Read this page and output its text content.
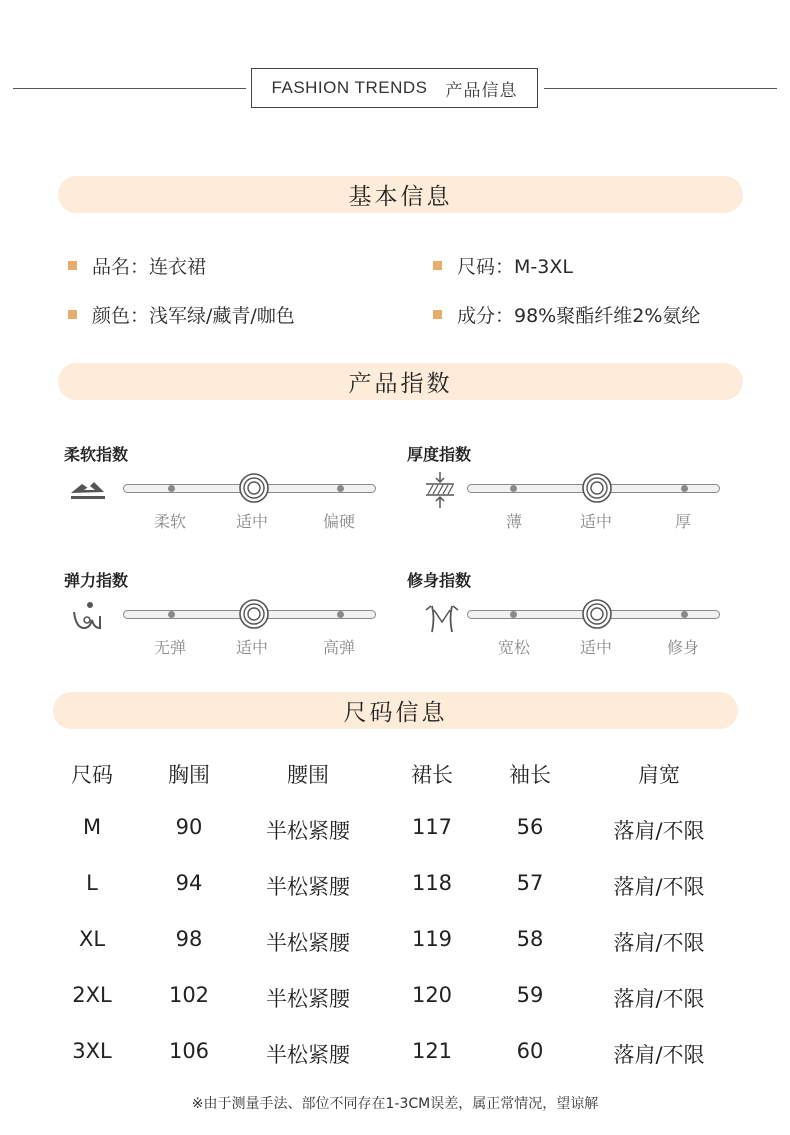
FASHION TRENDS 产品信息
基本信息
品名：连衣裙	尺码：M-3XL
颜色：浅军绿/藏青/咖色	成分：98%聚酯纤维2%氨纶
产品指数
柔软指数
柔软	适中	偏硬
厚度指数
薄	适中	厚
弹力指数
无弹	适中	高弹
修身指数
宽松	适中	修身
尺码信息
尺码	胸围	腰围	裙长	袖长	肩宽
M	90	半松紧腰	117	56	落肩/不限
L	94	半松紧腰	118	57	落肩/不限
XL	98	半松紧腰	119	58	落肩/不限
2XL	102	半松紧腰	120	59	落肩/不限
3XL	106	半松紧腰	121	60	落肩/不限
※由于测量手法、部位不同存在1-3CM误差，属正常情况，望谅解
